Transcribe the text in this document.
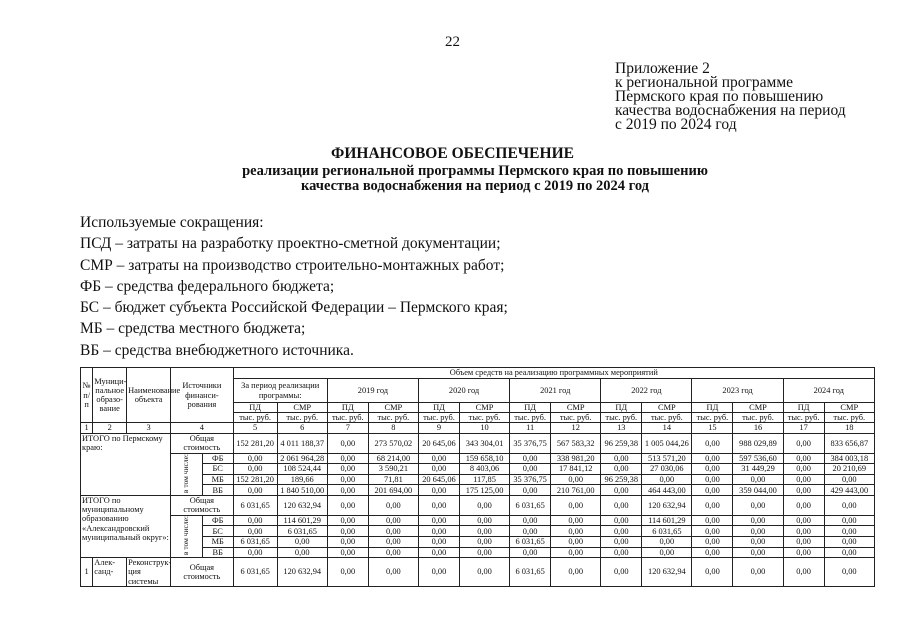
22
Приложение 2
к региональной программе
Пермского края по повышению
качества водоснабжения на период
с 2019 по 2024 год
ФИНАНСОВОЕ ОБЕСПЕЧЕНИЕ
реализации региональной программы Пермского края по повышению
качества водоснабжения на период с 2019 по 2024 год
Используемые сокращения:
ПСД – затраты на разработку проектно-сметной документации;
СМР – затраты на производство строительно-монтажных работ;
ФБ – средства федерального бюджета;
БС – бюджет субъекта Российской Федерации – Пермского края;
МБ – средства местного бюджета;
ВБ – средства внебюджетного источника.
№ п/п	Муници-пальное образо-вание	Наименование объекта	Источники финанси-рования		Объем средств на реализацию программных мероприятий													
					За период реализации программы:		2019 год		2020 год		2021 год		2022 год		2023 год		2024 год	
					ПД	СМР	ПД	СМР	ПД	СМР	ПД	СМР	ПД	СМР	ПД	СМР	ПД	СМР
					тыс. руб.	тыс. руб.	тыс. руб.	тыс. руб.	тыс. руб.	тыс. руб.	тыс. руб.	тыс. руб.	тыс. руб.	тыс. руб.	тыс. руб.	тыс. руб.	тыс. руб.	тыс. руб.
1	2	3	4		5	6	7	8	9	10	11	12	13	14	15	16	17	18
ИТОГО по Пермскому краю:			Общая стоимость		152 281,20	4 011 188,37	0,00	273 570,02	20 645,06	343 304,01	35 376,75	567 583,32	96 259,38	1 005 044,26	0,00	988 029,89	0,00	833 656,87
			в том числе:	ФБ	0,00	2 061 964,28	0,00	68 214,00	0,00	159 658,10	0,00	338 981,20	0,00	513 571,20	0,00	597 536,60	0,00	384 003,18
				БС	0,00	108 524,44	0,00	3 590,21	0,00	8 403,06	0,00	17 841,12	0,00	27 030,06	0,00	31 449,29	0,00	20 210,69
				МБ	152 281,20	189,66	0,00	71,81	20 645,06	117,85	35 376,75	0,00	96 259,38	0,00	0,00	0,00	0,00	0,00
				ВБ	0,00	1 840 510,00	0,00	201 694,00	0,00	175 125,00	0,00	210 761,00	0,00	464 443,00	0,00	359 044,00	0,00	429 443,00
ИТОГО по муниципальному образованию «Александровский муниципальный округ»:			Общая стоимость		6 031,65	120 632,94	0,00	0,00	0,00	0,00	6 031,65	0,00	0,00	120 632,94	0,00	0,00	0,00	0,00
			в том числе:	ФБ	0,00	114 601,29	0,00	0,00	0,00	0,00	0,00	0,00	0,00	114 601,29	0,00	0,00	0,00	0,00
				БС	0,00	6 031,65	0,00	0,00	0,00	0,00	0,00	0,00	0,00	6 031,65	0,00	0,00	0,00	0,00
				МБ	6 031,65	0,00	0,00	0,00	0,00	0,00	6 031,65	0,00	0,00	0,00	0,00	0,00	0,00	0,00
				ВБ	0,00	0,00	0,00	0,00	0,00	0,00	0,00	0,00	0,00	0,00	0,00	0,00	0,00	0,00
1	Алек-санд-	Реконструк-ция системы	Общая стоимость		6 031,65	120 632,94	0,00	0,00	0,00	0,00	6 031,65	0,00	0,00	120 632,94	0,00	0,00	0,00	0,00
